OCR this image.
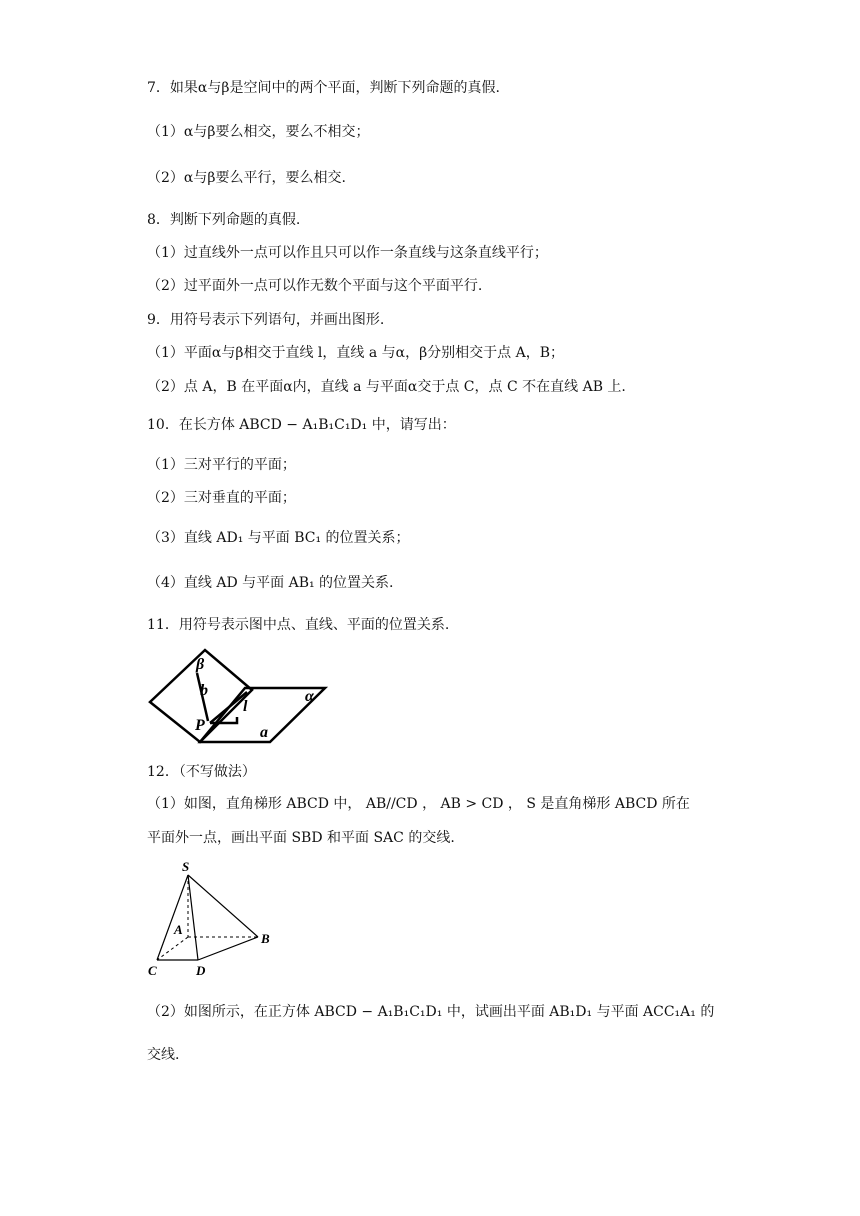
7．如果α与β是空间中的两个平面，判断下列命题的真假.
（1）α与β要么相交，要么不相交；
（2）α与β要么平行，要么相交.
8．判断下列命题的真假.
（1）过直线外一点可以作且只可以作一条直线与这条直线平行；
（2）过平面外一点可以作无数个平面与这个平面平行.
9．用符号表示下列语句，并画出图形.
（1）平面α与β相交于直线 l，直线 a 与α，β分别相交于点 A，B；
（2）点 A，B 在平面α内，直线 a 与平面α交于点 C，点 C 不在直线 AB 上.
10．在长方体 ABCD − A₁B₁C₁D₁ 中，请写出：
（1）三对平行的平面；
（2）三对垂直的平面；
（3）直线 AD₁ 与平面 BC₁ 的位置关系；
（4）直线 AD 与平面 AB₁ 的位置关系.
11．用符号表示图中点、直线、平面的位置关系.
β
b
l
α
P	a
12．（不写做法）
（1）如图，直角梯形 ABCD 中， AB//CD ， AB > CD ， S 是直角梯形 ABCD 所在
平面外一点，画出平面 SBD 和平面 SAC 的交线.
S
A
B
C	D
（2）如图所示，在正方体 ABCD − A₁B₁C₁D₁ 中，试画出平面 AB₁D₁ 与平面 ACC₁A₁ 的
交线.
